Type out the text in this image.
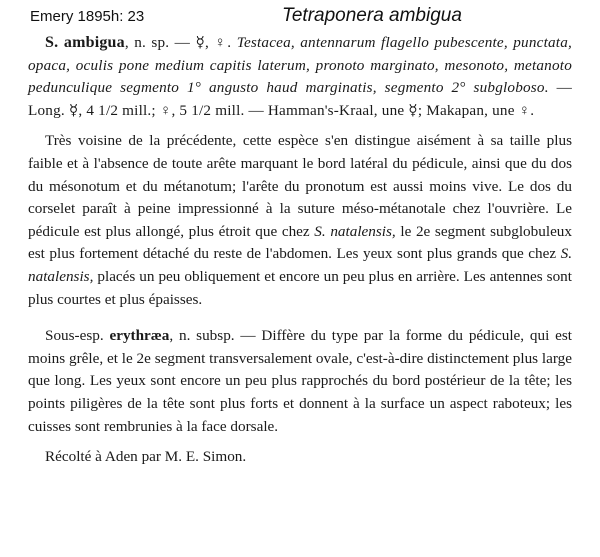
Emery 1895h: 23	Tetraponera ambigua

S. ambigua, n. sp. — ☿, ♀. Testacea, antennarum flagello pubescente, punctata, opaca, oculis pone medium capitis laterum, pronoto marginato, mesonoto, metanoto pedunculique segmento 1° angusto haud marginatis, segmento 2° subgloboso. — Long. ☿, 4 1/2 mill.; ♀, 5 1/2 mill. — Hamman's-Kraal, une ☿; Makapan, une ♀.

Très voisine de la précédente, cette espèce s'en distingue aisément à sa taille plus faible et à l'absence de toute arête marquant le bord latéral du pédicule, ainsi que du dos du mésonotum et du métanotum; l'arête du pronotum est aussi moins vive. Le dos du corselet paraît à peine impressionné à la suture méso-métanotale chez l'ouvrière. Le pédicule est plus allongé, plus étroit que chez S. natalensis, le 2e segment subglobuleux est plus fortement détaché du reste de l'abdomen. Les yeux sont plus grands que chez S. natalensis, placés un peu obliquement et encore un peu plus en arrière. Les antennes sont plus courtes et plus épaisses.

Sous-esp. erythræa, n. subsp. — Diffère du type par la forme du pédicule, qui est moins grêle, et le 2e segment transversalement ovale, c'est-à-dire distinctement plus large que long. Les yeux sont encore un peu plus rapprochés du bord postérieur de la tête; les points piligères de la tête sont plus forts et donnent à la surface un aspect raboteux; les cuisses sont rembrunies à la face dorsale.

Récolté à Aden par M. E. Simon.
